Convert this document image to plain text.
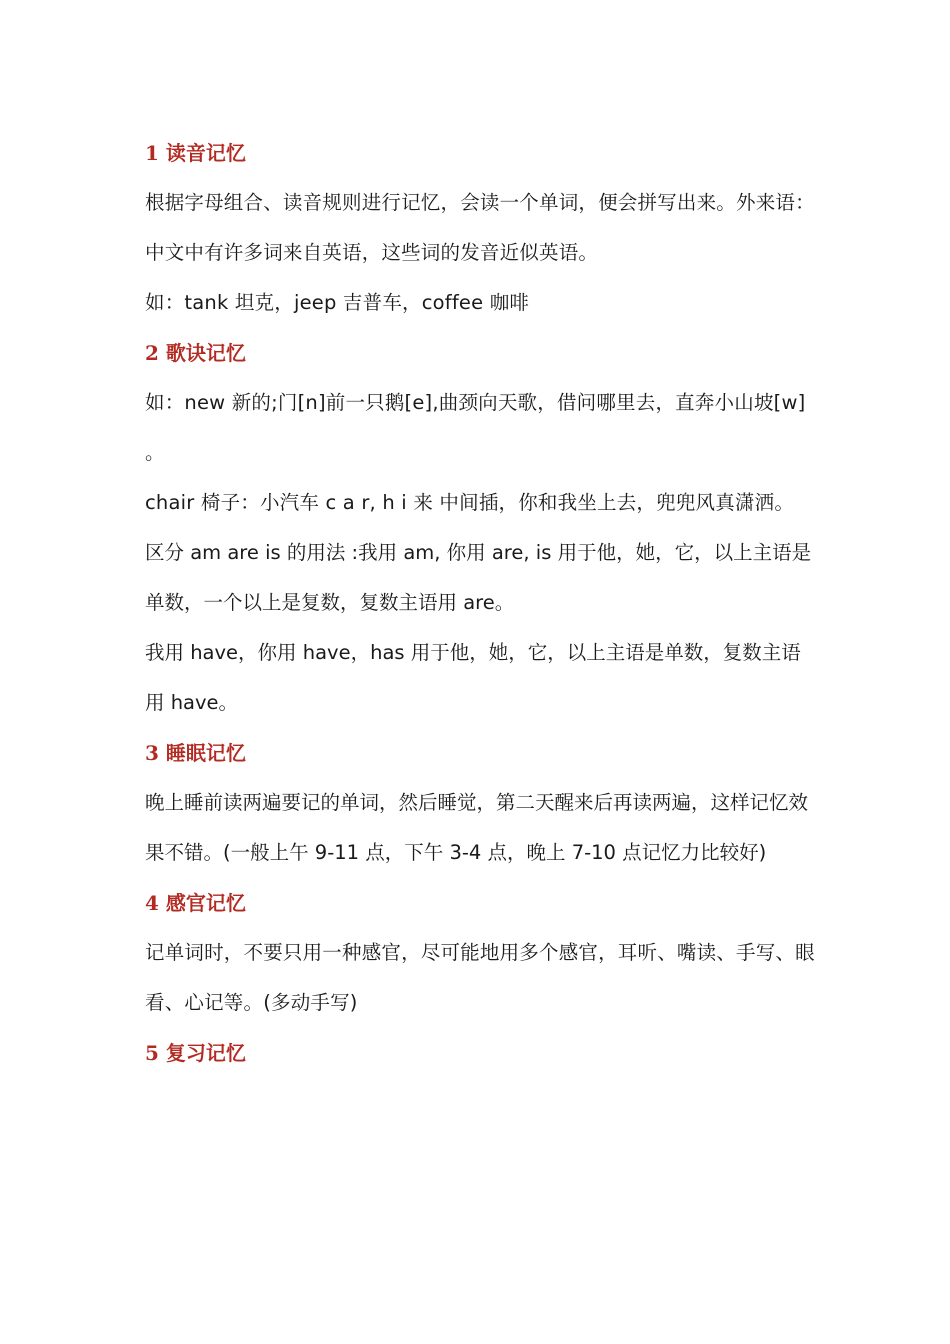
1 读音记忆

根据字母组合、读音规则进行记忆，会读一个单词，便会拼写出来。外来语：中文中有许多词来自英语，这些词的发音近似英语。

如：tank 坦克，jeep 吉普车，coffee 咖啡

2 歌诀记忆

如：new 新的;门[n]前一只鹅[e],曲颈向天歌，借问哪里去，直奔小山坡[w] 。

chair 椅子：小汽车 c a r, h i 来 中间插，你和我坐上去，兜兜风真潇洒。

区分 am are is 的用法 :我用 am, 你用 are, is 用于他，她，它，以上主语是单数，一个以上是复数，复数主语用 are。

我用 have，你用 have，has 用于他，她，它，以上主语是单数，复数主语用 have。

3 睡眠记忆

晚上睡前读两遍要记的单词，然后睡觉，第二天醒来后再读两遍，这样记忆效果不错。(一般上午 9-11 点，下午 3-4 点，晚上 7-10 点记忆力比较好)

4 感官记忆

记单词时，不要只用一种感官，尽可能地用多个感官，耳听、嘴读、手写、眼看、心记等。(多动手写)

5 复习记忆
